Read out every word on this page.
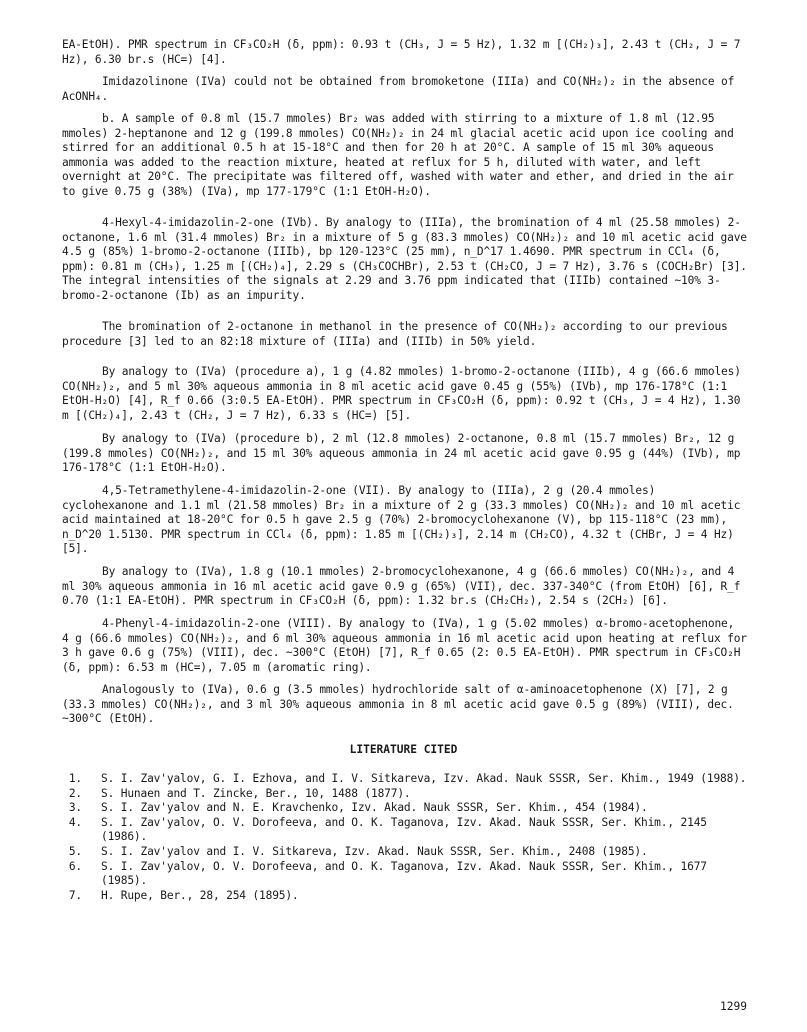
EA-EtOH). PMR spectrum in CF₃CO₂H (δ, ppm): 0.93 t (CH₃, J = 5 Hz), 1.32 m [(CH₂)₃], 2.43 t (CH₂, J = 7 Hz), 6.30 br.s (HC=) [4].

Imidazolinone (IVa) could not be obtained from bromoketone (IIIa) and CO(NH₂)₂ in the absence of AcONH₄.

b. A sample of 0.8 ml (15.7 mmoles) Br₂ was added with stirring to a mixture of 1.8 ml (12.95 mmoles) 2-heptanone and 12 g (199.8 mmoles) CO(NH₂)₂ in 24 ml glacial acetic acid upon ice cooling and stirred for an additional 0.5 h at 15-18°C and then for 20 h at 20°C. A sample of 15 ml 30% aqueous ammonia was added to the reaction mixture, heated at reflux for 5 h, diluted with water, and left overnight at 20°C. The precipitate was filtered off, washed with water and ether, and dried in the air to give 0.75 g (38%) (IVa), mp 177-179°C (1:1 EtOH-H₂O).

4-Hexyl-4-imidazolin-2-one (IVb). By analogy to (IIIa), the bromination of 4 ml (25.58 mmoles) 2-octanone, 1.6 ml (31.4 mmoles) Br₂ in a mixture of 5 g (83.3 mmoles) CO(NH₂)₂ and 10 ml acetic acid gave 4.5 g (85%) 1-bromo-2-octanone (IIIb), bp 120-123°C (25 mm), n_D^17 1.4690. PMR spectrum in CCl₄ (δ, ppm): 0.81 m (CH₃), 1.25 m [(CH₂)₄], 2.29 s (CH₃COCHBr), 2.53 t (CH₂CO, J = 7 Hz), 3.76 s (COCH₂Br) [3]. The integral intensities of the signals at 2.29 and 3.76 ppm indicated that (IIIb) contained ~10% 3-bromo-2-octanone (Ib) as an impurity.

The bromination of 2-octanone in methanol in the presence of CO(NH₂)₂ according to our previous procedure [3] led to an 82:18 mixture of (IIIa) and (IIIb) in 50% yield.

By analogy to (IVa) (procedure a), 1 g (4.82 mmoles) 1-bromo-2-octanone (IIIb), 4 g (66.6 mmoles) CO(NH₂)₂, and 5 ml 30% aqueous ammonia in 8 ml acetic acid gave 0.45 g (55%) (IVb), mp 176-178°C (1:1 EtOH-H₂O) [4], R_f 0.66 (3:0.5 EA-EtOH). PMR spectrum in CF₃CO₂H (δ, ppm): 0.92 t (CH₃, J = 4 Hz), 1.30 m [(CH₂)₄], 2.43 t (CH₂, J = 7 Hz), 6.33 s (HC=) [5].

By analogy to (IVa) (procedure b), 2 ml (12.8 mmoles) 2-octanone, 0.8 ml (15.7 mmoles) Br₂, 12 g (199.8 mmoles) CO(NH₂)₂, and 15 ml 30% aqueous ammonia in 24 ml acetic acid gave 0.95 g (44%) (IVb), mp 176-178°C (1:1 EtOH-H₂O).

4,5-Tetramethylene-4-imidazolin-2-one (VII). By analogy to (IIIa), 2 g (20.4 mmoles) cyclohexanone and 1.1 ml (21.58 mmoles) Br₂ in a mixture of 2 g (33.3 mmoles) CO(NH₂)₂ and 10 ml acetic acid maintained at 18-20°C for 0.5 h gave 2.5 g (70%) 2-bromocyclohexanone (V), bp 115-118°C (23 mm), n_D^20 1.5130. PMR spectrum in CCl₄ (δ, ppm): 1.85 m [(CH₂)₃], 2.14 m (CH₂CO), 4.32 t (CHBr, J = 4 Hz) [5].

By analogy to (IVa), 1.8 g (10.1 mmoles) 2-bromocyclohexanone, 4 g (66.6 mmoles) CO(NH₂)₂, and 4 ml 30% aqueous ammonia in 16 ml acetic acid gave 0.9 g (65%) (VII), dec. 337-340°C (from EtOH) [6], R_f 0.70 (1:1 EA-EtOH). PMR spectrum in CF₃CO₂H (δ, ppm): 1.32 br.s (CH₂CH₂), 2.54 s (2CH₂) [6].

4-Phenyl-4-imidazolin-2-one (VIII). By analogy to (IVa), 1 g (5.02 mmoles) α-bromo-acetophenone, 4 g (66.6 mmoles) CO(NH₂)₂, and 6 ml 30% aqueous ammonia in 16 ml acetic acid upon heating at reflux for 3 h gave 0.6 g (75%) (VIII), dec. ~300°C (EtOH) [7], R_f 0.65 (2: 0.5 EA-EtOH). PMR spectrum in CF₃CO₂H (δ, ppm): 6.53 m (HC=), 7.05 m (aromatic ring).

Analogously to (IVa), 0.6 g (3.5 mmoles) hydrochloride salt of α-aminoacetophenone (X) [7], 2 g (33.3 mmoles) CO(NH₂)₂, and 3 ml 30% aqueous ammonia in 8 ml acetic acid gave 0.5 g (89%) (VIII), dec. ~300°C (EtOH).

LITERATURE CITED

1. S. I. Zav'yalov, G. I. Ezhova, and I. V. Sitkareva, Izv. Akad. Nauk SSSR, Ser. Khim., 1949 (1988).
2. S. Hunaen and T. Zincke, Ber., 10, 1488 (1877).
3. S. I. Zav'yalov and N. E. Kravchenko, Izv. Akad. Nauk SSSR, Ser. Khim., 454 (1984).
4. S. I. Zav'yalov, O. V. Dorofeeva, and O. K. Taganova, Izv. Akad. Nauk SSSR, Ser. Khim., 2145 (1986).
5. S. I. Zav'yalov and I. V. Sitkareva, Izv. Akad. Nauk SSSR, Ser. Khim., 2408 (1985).
6. S. I. Zav'yalov, O. V. Dorofeeva, and O. K. Taganova, Izv. Akad. Nauk SSSR, Ser. Khim., 1677 (1985).
7. H. Rupe, Ber., 28, 254 (1895).

1299
